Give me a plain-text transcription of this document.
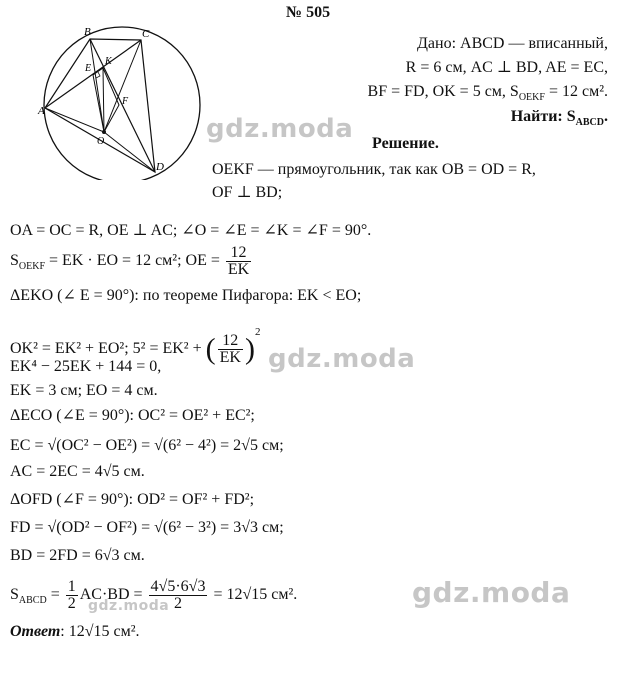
№ 505
A
B	C
D
E
K
F
O
Дано: ABCD — вписанный,
R = 6 см, AC ⊥ BD, AE = EC,
BF = FD, OK = 5 см, $S_{OEKF} = 12$ см².
Найти: $S_{ABCD}$.
Решение.
OEKF — прямоугольник, так как OB = OD = R,
OF ⊥ BD;
OA = OC = R, OE ⊥ AC; ∠O = ∠E = ∠K = ∠F = 90°.
$S_{OEKF}$ = EK · EO = 12 см²; OE = $\frac{12}{EK}$
ΔEKO (∠ E = 90°): по теореме Пифагора: EK < EO;
OK² = EK² + EO²; 5² = EK² + ( $\frac{12}{EK} )^2$
EK⁴ − 25EK + 144 = 0,
EK = 3 см; EO = 4 см.
ΔECO (∠E = 90°): OC² = OE² + EC²;
EC = √(OC² − OE²) = √(6² − 4²) = 2√5 см;
AC = 2EC = 4√5 см.
ΔOFD (∠F = 90°): OD² = OF² + FD²;
FD = √(OD² − OF²) = √(6² − 3²) = 3√3 см;
BD = 2FD = 6√3 см.
$S_{ABCD} = \frac{1}{2} AC\cdot BD = \frac{4√5\cdot 6√3}{2} = 12√15$ см².
Ответ: 12√15 см².
gdz.moda
gdz.moda
gdz.moda
gdz.moda
